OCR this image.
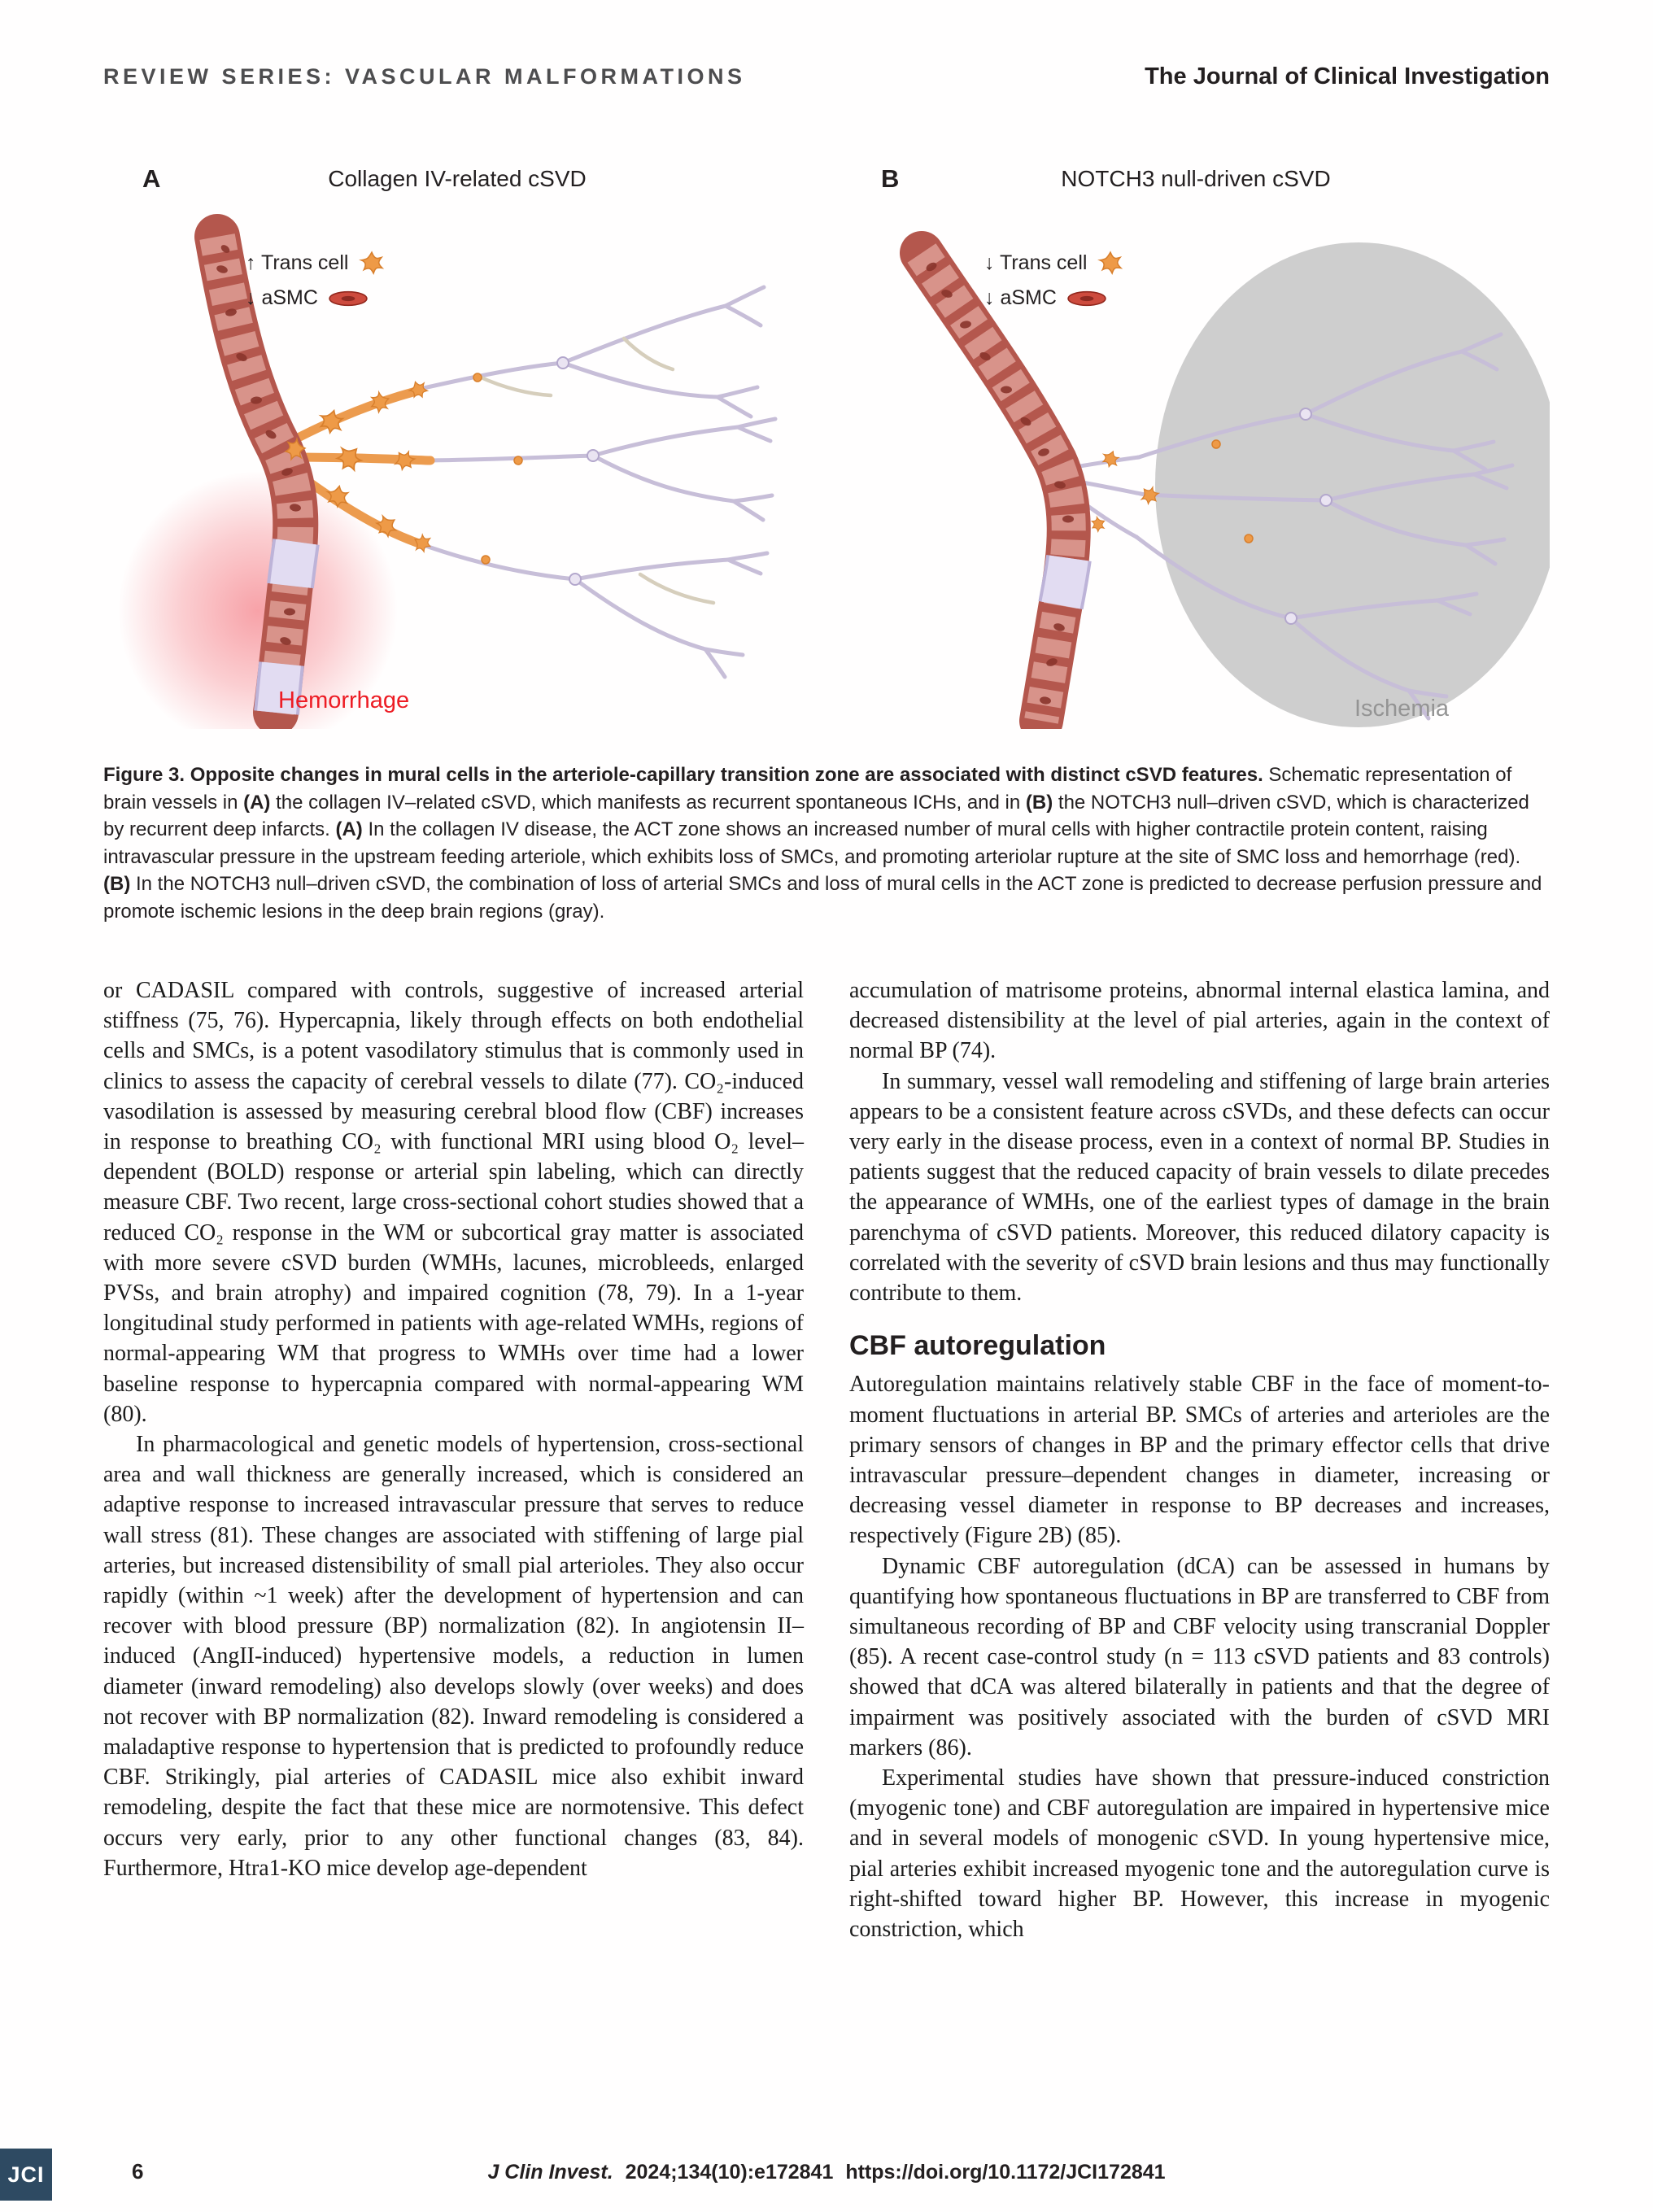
REVIEW SERIES: VASCULAR MALFORMATIONS	The Journal of Clinical Investigation
A	Collagen IV-related cSVD
↑ Trans cell
↓ aSMC
Hemorrhage
B	NOTCH3 null-driven cSVD
↓ Trans cell
↓ aSMC
Ischemia
Figure 3. Opposite changes in mural cells in the arteriole-capillary transition zone are associated with distinct cSVD features. Schematic representation of brain vessels in (A) the collagen IV–related cSVD, which manifests as recurrent spontaneous ICHs, and in (B) the NOTCH3 null–driven cSVD, which is characterized by recurrent deep infarcts. (A) In the collagen IV disease, the ACT zone shows an increased number of mural cells with higher contractile protein content, raising intravascular pressure in the upstream feeding arteriole, which exhibits loss of SMCs, and promoting arteriolar rupture at the site of SMC loss and hemorrhage (red). (B) In the NOTCH3 null–driven cSVD, the combination of loss of arterial SMCs and loss of mural cells in the ACT zone is predicted to decrease perfusion pressure and promote ischemic lesions in the deep brain regions (gray).

or CADASIL compared with controls, suggestive of increased arterial stiffness (75, 76). Hypercapnia, likely through effects on both endothelial cells and SMCs, is a potent vasodilatory stimulus that is commonly used in clinics to assess the capacity of cerebral vessels to dilate (77). CO₂-induced vasodilation is assessed by measuring cerebral blood flow (CBF) increases in response to breathing CO₂ with functional MRI using blood O₂ level–dependent (BOLD) response or arterial spin labeling, which can directly measure CBF. Two recent, large cross-sectional cohort studies showed that a reduced CO₂ response in the WM or subcortical gray matter is associated with more severe cSVD burden (WMHs, lacunes, microbleeds, enlarged PVSs, and brain atrophy) and impaired cognition (78, 79). In a 1-year longitudinal study performed in patients with age-related WMHs, regions of normal-appearing WM that progress to WMHs over time had a lower baseline response to hypercapnia compared with normal-appearing WM (80).

In pharmacological and genetic models of hypertension, cross-sectional area and wall thickness are generally increased, which is considered an adaptive response to increased intravascular pressure that serves to reduce wall stress (81). These changes are associated with stiffening of large pial arteries, but increased distensibility of small pial arterioles. They also occur rapidly (within ~1 week) after the development of hypertension and can recover with blood pressure (BP) normalization (82). In angiotensin II–induced (AngII-induced) hypertensive models, a reduction in lumen diameter (inward remodeling) also develops slowly (over weeks) and does not recover with BP normalization (82). Inward remodeling is considered a maladaptive response to hypertension that is predicted to profoundly reduce CBF. Strikingly, pial arteries of CADASIL mice also exhibit inward remodeling, despite the fact that these mice are normotensive. This defect occurs very early, prior to any other functional changes (83, 84). Furthermore, Htra1-KO mice develop age-dependent

accumulation of matrisome proteins, abnormal internal elastica lamina, and decreased distensibility at the level of pial arteries, again in the context of normal BP (74).

In summary, vessel wall remodeling and stiffening of large brain arteries appears to be a consistent feature across cSVDs, and these defects can occur very early in the disease process, even in a context of normal BP. Studies in patients suggest that the reduced capacity of brain vessels to dilate precedes the appearance of WMHs, one of the earliest types of damage in the brain parenchyma of cSVD patients. Moreover, this reduced dilatory capacity is correlated with the severity of cSVD brain lesions and thus may functionally contribute to them.

CBF autoregulation

Autoregulation maintains relatively stable CBF in the face of moment-to-moment fluctuations in arterial BP. SMCs of arteries and arterioles are the primary sensors of changes in BP and the primary effector cells that drive intravascular pressure–dependent changes in diameter, increasing or decreasing vessel diameter in response to BP decreases and increases, respectively (Figure 2B) (85).

Dynamic CBF autoregulation (dCA) can be assessed in humans by quantifying how spontaneous fluctuations in BP are transferred to CBF from simultaneous recording of BP and CBF velocity using transcranial Doppler (85). A recent case-control study (n = 113 cSVD patients and 83 controls) showed that dCA was altered bilaterally in patients and that the degree of impairment was positively associated with the burden of cSVD MRI markers (86).

Experimental studies have shown that pressure-induced constriction (myogenic tone) and CBF autoregulation are impaired in hypertensive mice and in several models of monogenic cSVD. In young hypertensive mice, pial arteries exhibit increased myogenic tone and the autoregulation curve is right-shifted toward higher BP. However, this increase in myogenic constriction, which

JCI	6	J Clin Invest. 2024;134(10):e172841 https://doi.org/10.1172/JCI172841
